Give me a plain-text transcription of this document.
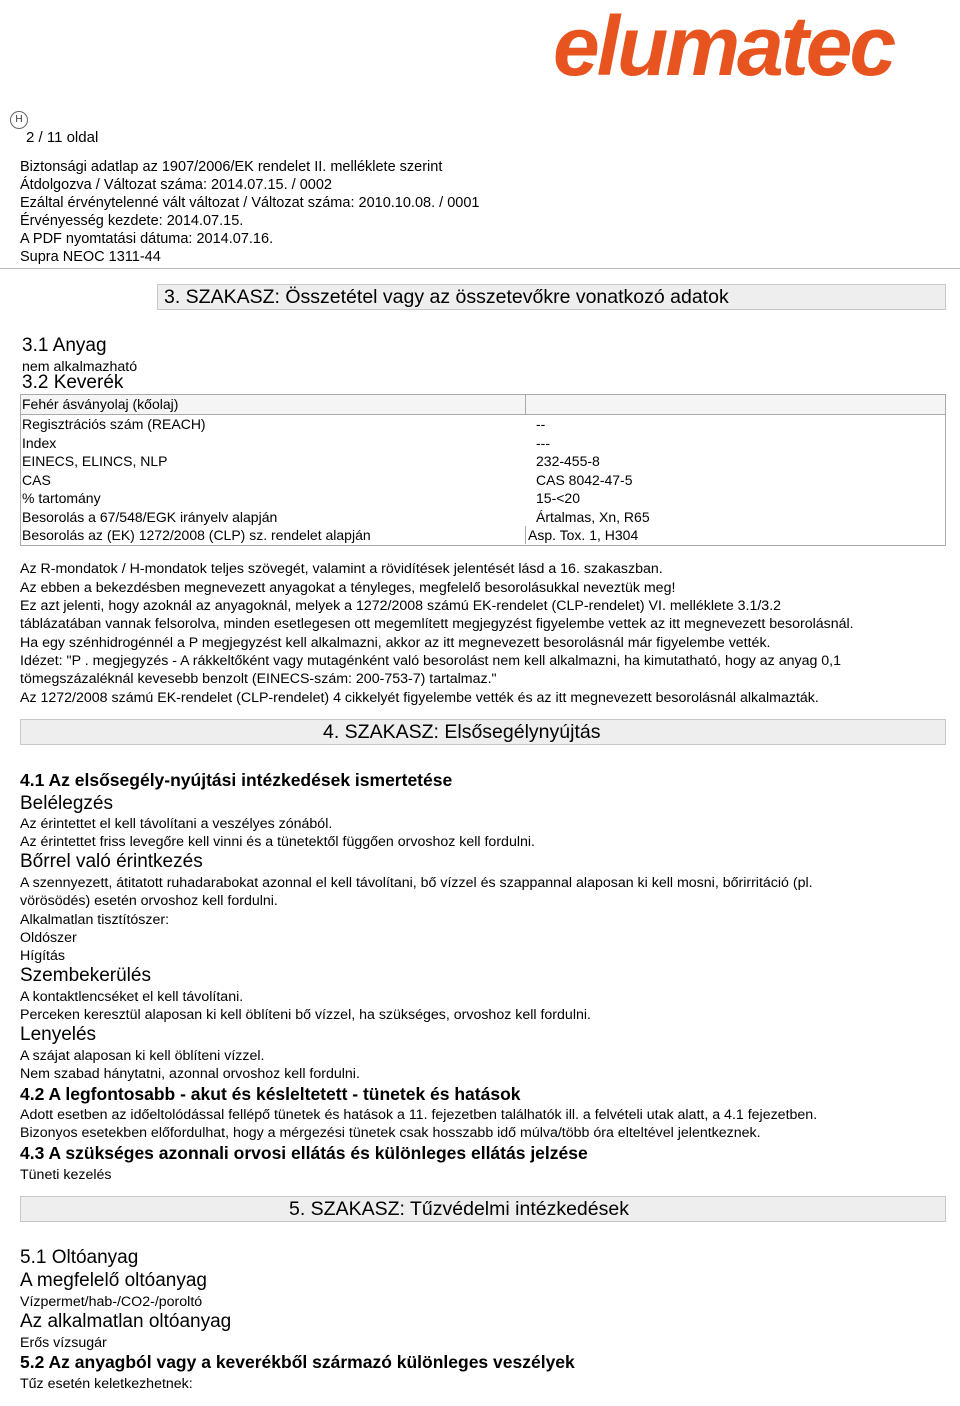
elumatec
H
2 / 11 oldal
Biztonsági adatlap az 1907/2006/EK rendelet II. melléklete szerint
Átdolgozva / Változat száma: 2014.07.15. / 0002
Ezáltal érvénytelenné vált változat / Változat száma: 2010.10.08. / 0001
Érvényesség kezdete: 2014.07.15.
A PDF nyomtatási dátuma: 2014.07.16.
Supra NEOC 1311-44
3. SZAKASZ: Összetétel vagy az összetevőkre vonatkozó adatok
3.1 Anyag
nem alkalmazható
3.2 Keverék
Fehér ásványolaj (kőolaj)
Regisztrációs szám (REACH)	--
Index	---
EINECS, ELINCS, NLP	232-455-8
CAS	CAS 8042-47-5
% tartomány	15-<20
Besorolás a 67/548/EGK irányelv alapján	Ártalmas, Xn, R65
Besorolás az (EK) 1272/2008 (CLP) sz. rendelet alapján	Asp. Tox. 1, H304
Az R-mondatok / H-mondatok teljes szövegét, valamint a rövidítések jelentését lásd a 16. szakaszban.
Az ebben a bekezdésben megnevezett anyagokat a tényleges, megfelelő besorolásukkal neveztük meg!
Ez azt jelenti, hogy azoknál az anyagoknál, melyek a 1272/2008 számú EK-rendelet (CLP-rendelet) VI. melléklete 3.1/3.2
táblázatában vannak felsorolva, minden esetlegesen ott megemlített megjegyzést figyelembe vettek az itt megnevezett besorolásnál.
Ha egy szénhidrogénnél a P megjegyzést kell alkalmazni, akkor az itt megnevezett besorolásnál már figyelembe vették.
Idézet: "P . megjegyzés - A rákkeltőként vagy mutagénként való besorolást nem kell alkalmazni, ha kimutatható, hogy az anyag 0,1
tömegszázaléknál kevesebb benzolt (EINECS-szám: 200-753-7) tartalmaz."
Az 1272/2008 számú EK-rendelet (CLP-rendelet) 4 cikkelyét figyelembe vették és az itt megnevezett besorolásnál alkalmazták.
4. SZAKASZ: Elsősegélynyújtás
4.1 Az elsősegély-nyújtási intézkedések ismertetése
Belélegzés
Az érintettet el kell távolítani a veszélyes zónából.
Az érintettet friss levegőre kell vinni és a tünetektől függően orvoshoz kell fordulni.
Bőrrel való érintkezés
A szennyezett, átitatott ruhadarabokat azonnal el kell távolítani, bő vízzel és szappannal alaposan ki kell mosni, bőrirritáció (pl.
vörösödés) esetén orvoshoz kell fordulni.
Alkalmatlan tisztítószer:
Oldószer
Hígítás
Szembekerülés
A kontaktlencséket el kell távolítani.
Perceken keresztül alaposan ki kell öblíteni bő vízzel, ha szükséges, orvoshoz kell fordulni.
Lenyelés
A szájat alaposan ki kell öblíteni vízzel.
Nem szabad hánytatni, azonnal orvoshoz kell fordulni.
4.2 A legfontosabb - akut és késleltetett - tünetek és hatások
Adott esetben az időeltolódással fellépő tünetek és hatások a 11. fejezetben találhatók ill. a felvételi utak alatt, a 4.1 fejezetben.
Bizonyos esetekben előfordulhat, hogy a mérgezési tünetek csak hosszabb idő múlva/több óra elteltével jelentkeznek.
4.3 A szükséges azonnali orvosi ellátás és különleges ellátás jelzése
Tüneti kezelés
5. SZAKASZ: Tűzvédelmi intézkedések
5.1 Oltóanyag
A megfelelő oltóanyag
Vízpermet/hab-/CO2-/poroltó
Az alkalmatlan oltóanyag
Erős vízsugár
5.2 Az anyagból vagy a keverékből származó különleges veszélyek
Tűz esetén keletkezhetnek:
